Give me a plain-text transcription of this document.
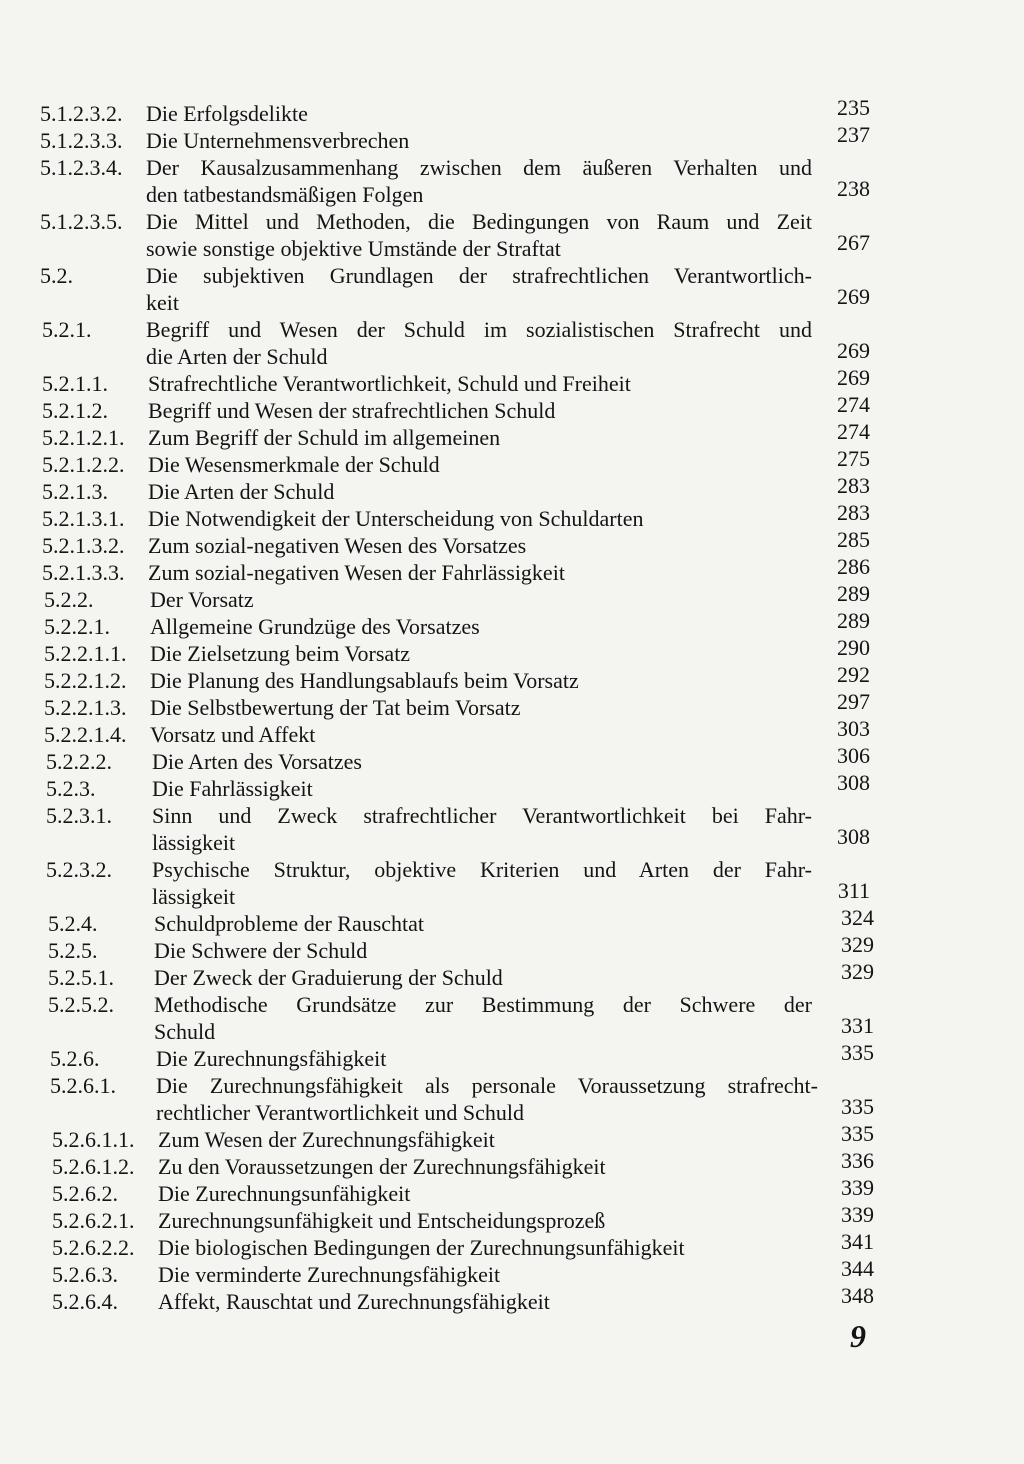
5.1.2.3.2. Die Erfolgsdelikte	235
5.1.2.3.3. Die Unternehmensverbrechen	237
5.1.2.3.4. Der Kausalzusammenhang zwischen dem äußeren Verhalten und
den tatbestandsmäßigen Folgen	238
5.1.2.3.5. Die Mittel und Methoden, die Bedingungen von Raum und Zeit
sowie sonstige objektive Umstände der Straftat	267
5.2.	Die subjektiven Grundlagen der strafrechtlichen Verantwortlich-
keit	269
5.2.1. Begriff und Wesen der Schuld im sozialistischen Strafrecht und
die Arten der Schuld	269
5.2.1.1. Strafrechtliche Verantwortlichkeit, Schuld und Freiheit	269
5.2.1.2. Begriff und Wesen der strafrechtlichen Schuld	274
5.2.1.2.1. Zum Begriff der Schuld im allgemeinen	274
5.2.1.2.2. Die Wesensmerkmale der Schuld	275
5.2.1.3. Die Arten der Schuld	283
5.2.1.3.1. Die Notwendigkeit der Unterscheidung von Schuldarten	283
5.2.1.3.2. Zum sozial-negativen Wesen des Vorsatzes	285
5.2.1.3.3. Zum sozial-negativen Wesen der Fahrlässigkeit	286
5.2.2.	Der Vorsatz	289
5.2.2.1. Allgemeine Grundzüge des Vorsatzes	289
5.2.2.1.1. Die Zielsetzung beim Vorsatz	290
5.2.2.1.2. Die Planung des Handlungsablaufs beim Vorsatz	292
5.2.2.1.3. Die Selbstbewertung der Tat beim Vorsatz	297
5.2.2.1.4. Vorsatz und Affekt	303
5.2.2.2. Die Arten des Vorsatzes	306
5.2.3.	Die Fahrlässigkeit	308
5.2.3.1. Sinn und Zweck strafrechtlicher Verantwortlichkeit bei Fahr-
lässigkeit	308
5.2.3.2. Psychische Struktur, objektive Kriterien und Arten der Fahr-
lässigkeit	311
5.2.4.	Schuldprobleme der Rauschtat	324
5.2.5.	Die Schwere der Schuld	329
5.2.5.1. Der Zweck der Graduierung der Schuld	329
5.2.5.2. Methodische Grundsätze zur Bestimmung der Schwere der
Schuld	331
5.2.6.	Die Zurechnungsfähigkeit	335
5.2.6.1. Die Zurechnungsfähigkeit als personale Voraussetzung strafrecht-
rechtlicher Verantwortlichkeit und Schuld	335
5.2.6.1.1. Zum Wesen der Zurechnungsfähigkeit	335
5.2.6.1.2. Zu den Voraussetzungen der Zurechnungsfähigkeit	336
5.2.6.2. Die Zurechnungsunfähigkeit	339
5.2.6.2.1. Zurechnungsunfähigkeit und Entscheidungsprozeß	339
5.2.6.2.2. Die biologischen Bedingungen der Zurechnungsunfähigkeit	341
5.2.6.3. Die verminderte Zurechnungsfähigkeit	344
5.2.6.4. Affekt, Rauschtat und Zurechnungsfähigkeit	348
9
